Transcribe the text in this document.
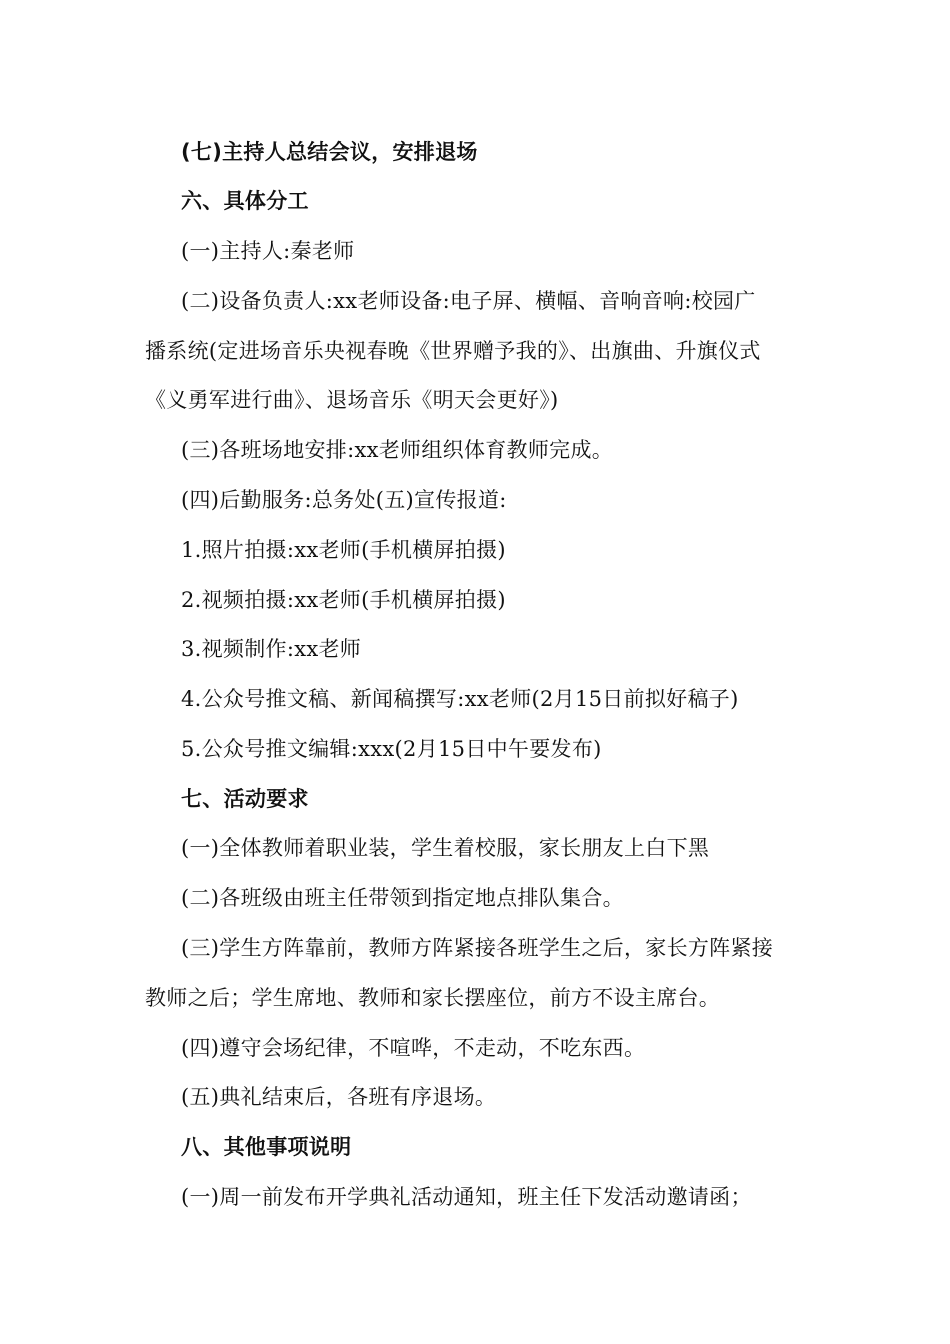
(七)主持人总结会议，安排退场
六、具体分工
(一)主持人:秦老师
(二)设备负责人:xx老师设备:电子屏、横幅、音响音响:校园广
播系统(定进场音乐央视春晚《世界赠予我的》、出旗曲、升旗仪式
《义勇军进行曲》、退场音乐《明天会更好》)
(三)各班场地安排:xx老师组织体育教师完成。
(四)后勤服务:总务处(五)宣传报道:
1.照片拍摄:xx老师(手机横屏拍摄)
2.视频拍摄:xx老师(手机横屏拍摄)
3.视频制作:xx老师
4.公众号推文稿、新闻稿撰写:xx老师(2月15日前拟好稿子)
5.公众号推文编辑:xxx(2月15日中午要发布)
七、活动要求
(一)全体教师着职业装，学生着校服，家长朋友上白下黑
(二)各班级由班主任带领到指定地点排队集合。
(三)学生方阵靠前，教师方阵紧接各班学生之后，家长方阵紧接
教师之后；学生席地、教师和家长摆座位，前方不设主席台。
(四)遵守会场纪律，不喧哗，不走动，不吃东西。
(五)典礼结束后，各班有序退场。
八、其他事项说明
(一)周一前发布开学典礼活动通知，班主任下发活动邀请函；
